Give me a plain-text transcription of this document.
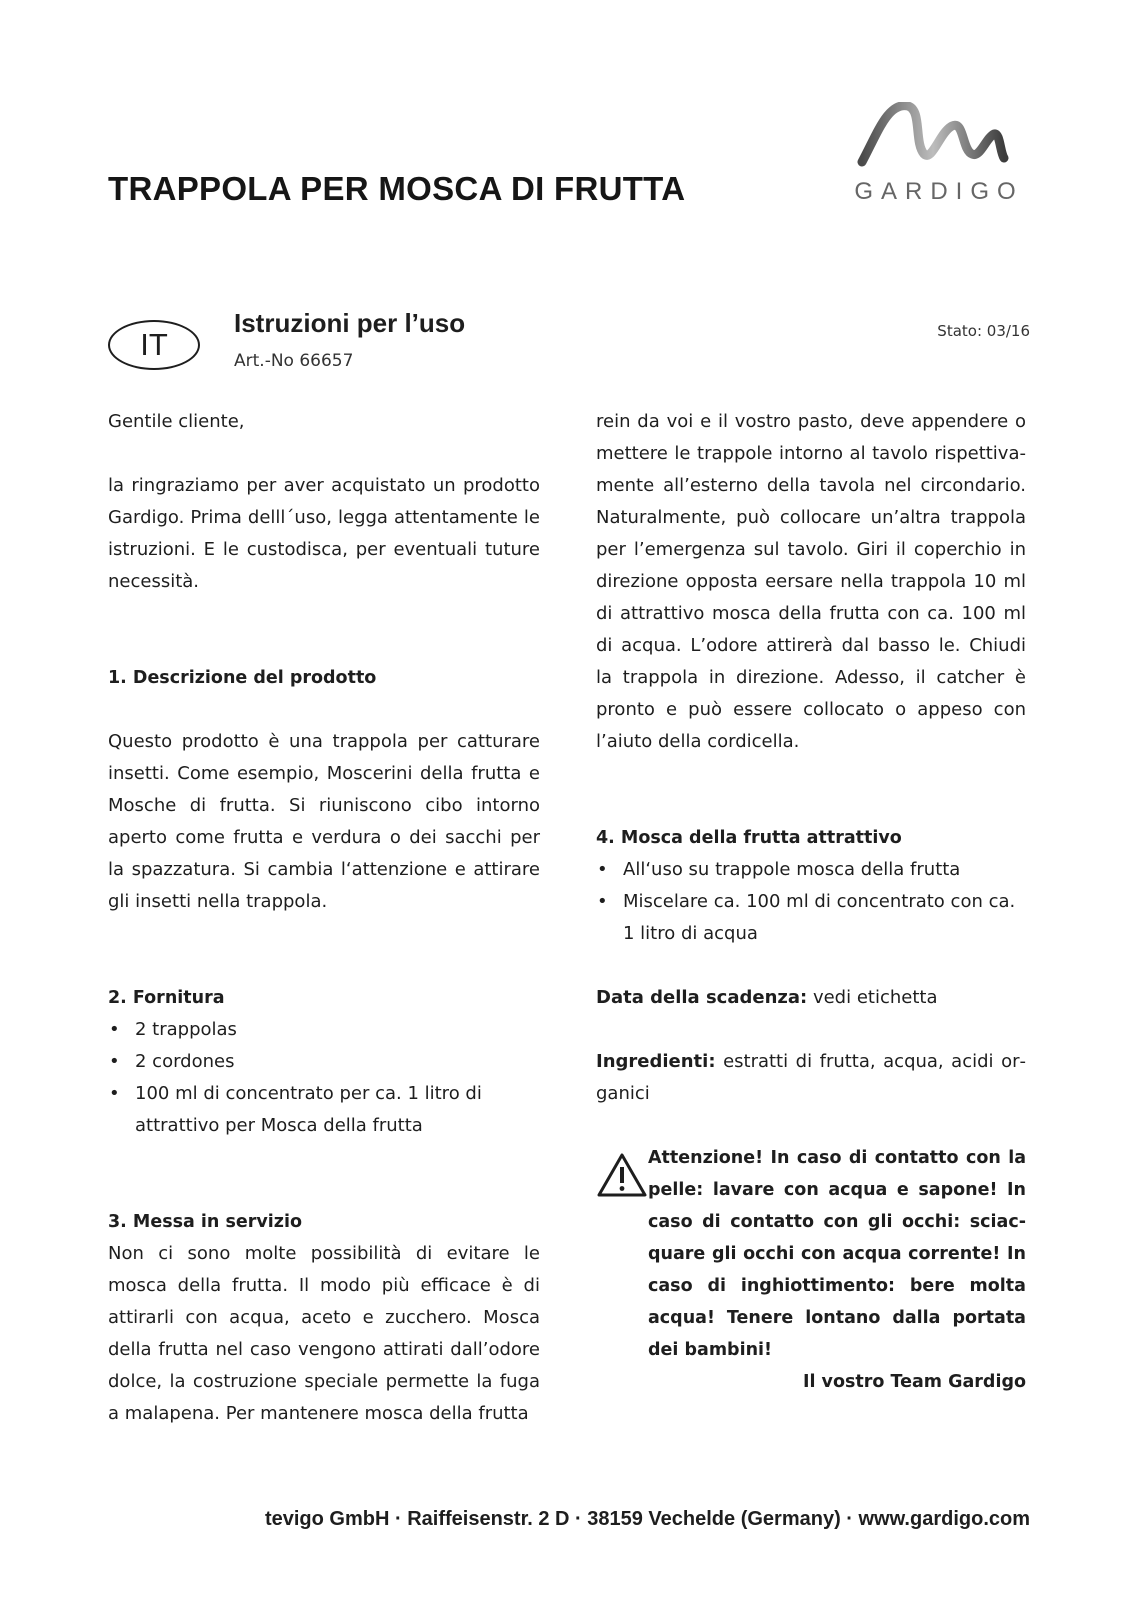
TRAPPOLA PER MOSCA DI FRUTTA	GARDIGO
IT
Istruzioni per l’uso
Art.-No 66657
Stato: 03/16

Gentile cliente,

la ringraziamo per aver acquistato un prodotto Gardigo. Prima delll´uso, legga attentamente le istruzioni. E le custodisca, per eventuali tuture necessità.

1. Descrizione del prodotto

Questo prodotto è una trappola per catturare insetti. Come esempio, Moscerini della frutta e Mosche di frutta. Si riuniscono cibo intorno aperto come frutta e verdura o dei sacchi per la spazzatura. Si cambia l‘attenzione e attirare gli insetti nella trappola.

2. Fornitura

• 2 trappolas
• 2 cordones
• 100 ml di concentrato per ca. 1 litro di attrattivo per Mosca della frutta

3. Messa in servizio

Non ci sono molte possibilità di evitare le mosca della frutta. Il modo più efficace è di attirarli con acqua, aceto e zucchero. Mosca della frutta nel caso vengono attirati dall’odore dolce, la costruzione speciale permette la fuga a malapena. Per mantenere mosca della frutta

rein da voi e il vostro pasto, deve appendere o mettere le trappole intorno al tavolo rispettivamente all’esterno della tavola nel circondario. Naturalmente, può collocare un’altra trappola per l’emergenza sul tavolo. Giri il coperchio in direzione opposta eersare nella trappola 10 ml di attrattivo mosca della frutta con ca. 100 ml di acqua. L’odore attirerà dal basso le. Chiudi la trappola in direzione. Adesso, il catcher è pronto e può essere collocato o appeso con l’aiuto della cordicella.

4. Mosca della frutta attrattivo

• All‘uso su trappole mosca della frutta
• Miscelare ca. 100 ml di concentrato con ca. 1 litro di acqua

Data della scadenza: vedi etichetta

Ingredienti: estratti di frutta, acqua, acidi organici

Attenzione! In caso di contatto con la pelle: lavare con acqua e sapone! In caso di contatto con gli occhi: sciacquare gli occhi con acqua corrente! In caso di inghiottimento: bere molta acqua! Tenere lontano dalla portata dei bambini!

Il vostro Team Gardigo

tevigo GmbH · Raiffeisenstr. 2 D · 38159 Vechelde (Germany) · www.gardigo.com
